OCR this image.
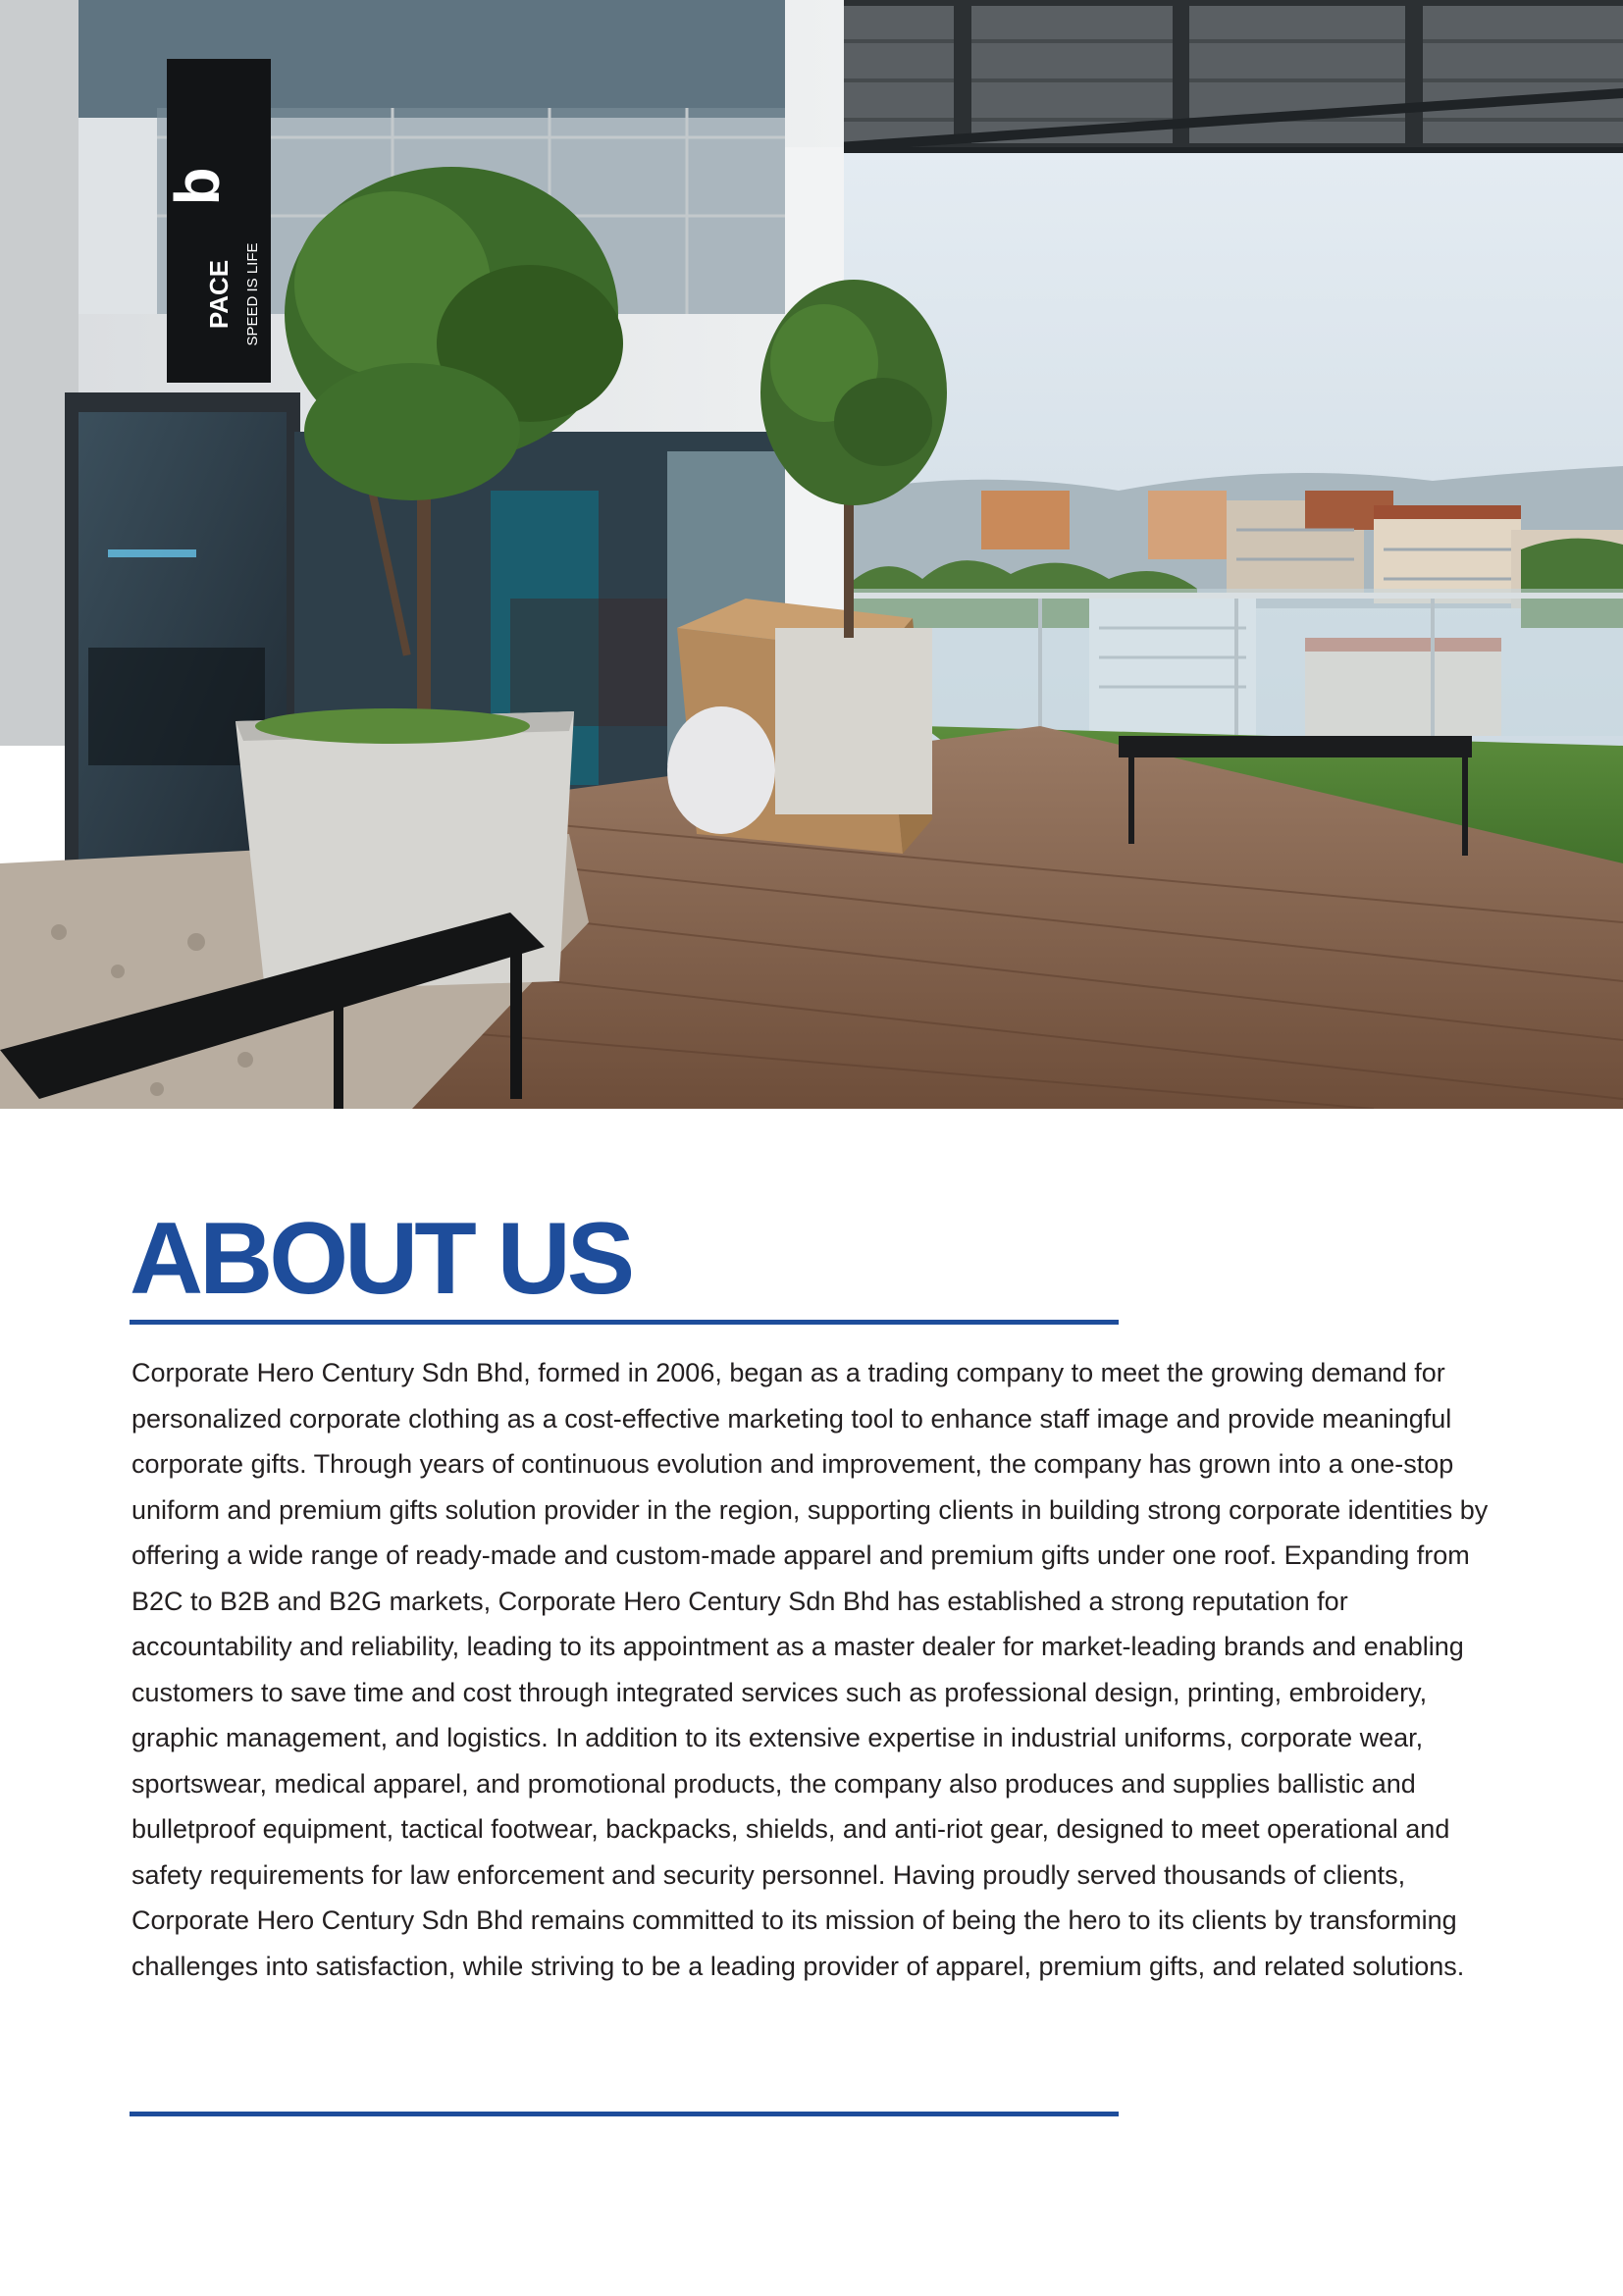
b
PACE SPEED IS LIFE
ABOUT US

Corporate Hero Century Sdn Bhd, formed in 2006, began as a trading company to meet the growing demand for personalized corporate clothing as a cost-effective marketing tool to enhance staff image and provide meaningful corporate gifts. Through years of continuous evolution and improvement, the company has grown into a one-stop uniform and premium gifts solution provider in the region, supporting clients in building strong corporate identities by offering a wide range of ready-made and custom-made apparel and premium gifts under one roof. Expanding from B2C to B2B and B2G markets, Corporate Hero Century Sdn Bhd has established a strong reputation for accountability and reliability, leading to its appointment as a master dealer for market-leading brands and enabling customers to save time and cost through integrated services such as professional design, printing, embroidery, graphic management, and logistics. In addition to its extensive expertise in industrial uniforms, corporate wear, sportswear, medical apparel, and promotional products, the company also produces and supplies ballistic and bulletproof equipment, tactical footwear, backpacks, shields, and anti-riot gear, designed to meet operational and safety requirements for law enforcement and security personnel. Having proudly served thousands of clients, Corporate Hero Century Sdn Bhd remains committed to its mission of being the hero to its clients by transforming challenges into satisfaction, while striving to be a leading provider of apparel, premium gifts, and related solutions.
